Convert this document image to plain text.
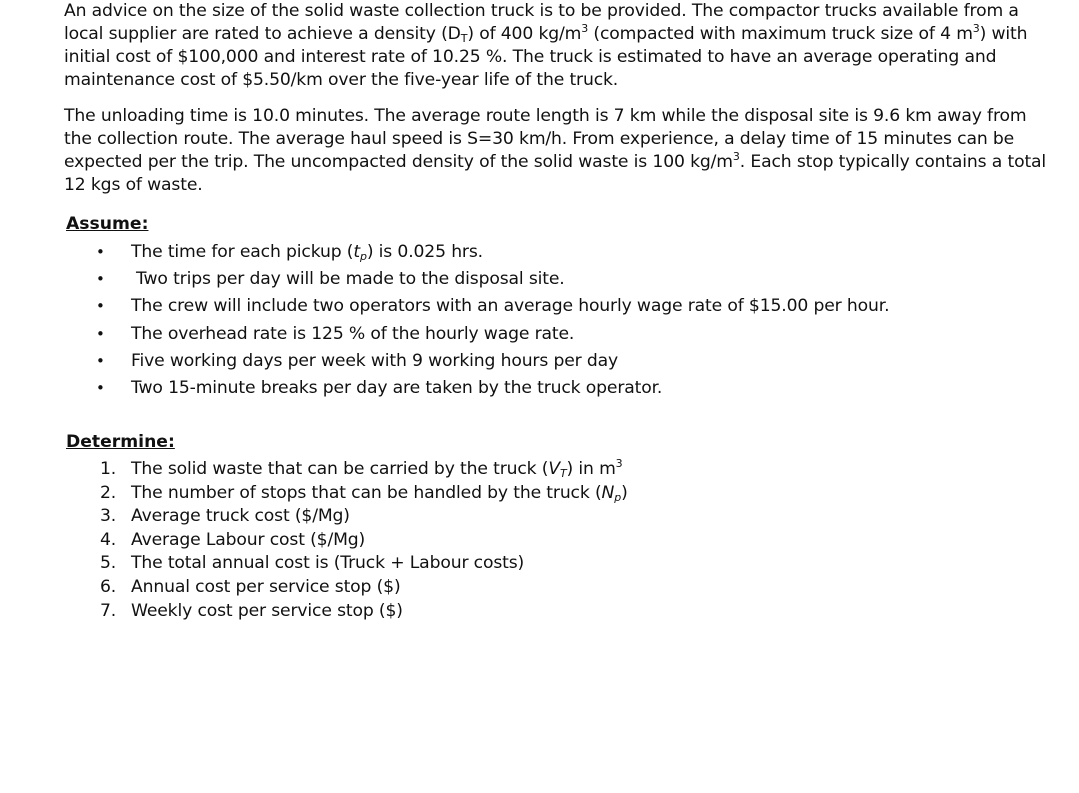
An advice on the size of the solid waste collection truck is to be provided. The compactor trucks available from a local supplier are rated to achieve a density $(D_T)$ of 400 $kg/m^3$ (compacted with maximum truck size of 4 $m^3$) with initial cost of $100,000 and interest rate of 10.25 %. The truck is estimated to have an average operating and maintenance cost of $5.50/km over the five-year life of the truck.

The unloading time is 10.0 minutes. The average route length is 7 km while the disposal site is 9.6 km away from the collection route. The average haul speed is S=30 km/h. From experience, a delay time of 15 minutes can be expected per the trip. The uncompacted density of the solid waste is 100 $kg/m^3$. Each stop typically contains a total 12 kgs of waste.

Assume:
• The time for each pickup $(t_p)$ is 0.025 hrs.
• Two trips per day will be made to the disposal site.
• The crew will include two operators with an average hourly wage rate of $15.00 per hour.
• The overhead rate is 125 % of the hourly wage rate.
• Five working days per week with 9 working hours per day
• Two 15-minute breaks per day are taken by the truck operator.
Determine:
1. The solid waste that can be carried by the truck $(V_T)$ in $m^3$
2. The number of stops that can be handled by the truck $(N_p)$
3. Average truck cost ($/Mg)
4. Average Labour cost ($/Mg)
5. The total annual cost is (Truck + Labour costs)
6. Annual cost per service stop ($)
7. Weekly cost per service stop ($)
